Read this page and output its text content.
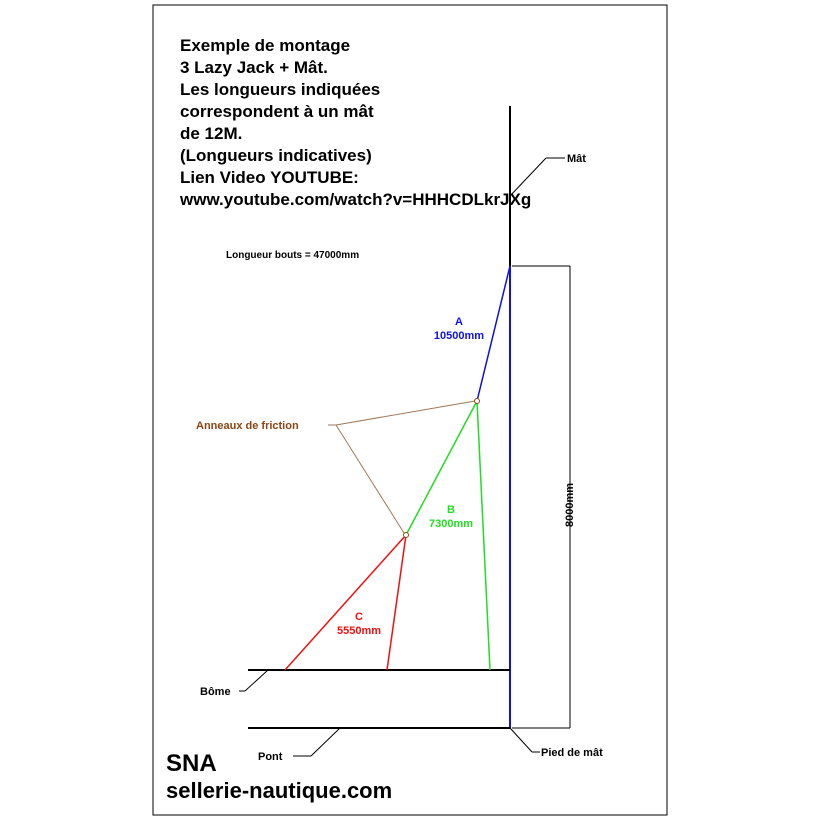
8000mm
Mât
Bôme
Pont	Pied de mât
Longueur bouts = 47000mm
Anneaux de friction
A
10500mm
B
7300mm
C
5550mm
Exemple de montage
3 Lazy Jack + Mât.
Les longueurs indiquées
correspondent à un mât
de 12M.
(Longueurs indicatives)
Lien Video YOUTUBE:
www.youtube.com/watch?v=HHHCDLkrJXg
SNA
sellerie-nautique.com
